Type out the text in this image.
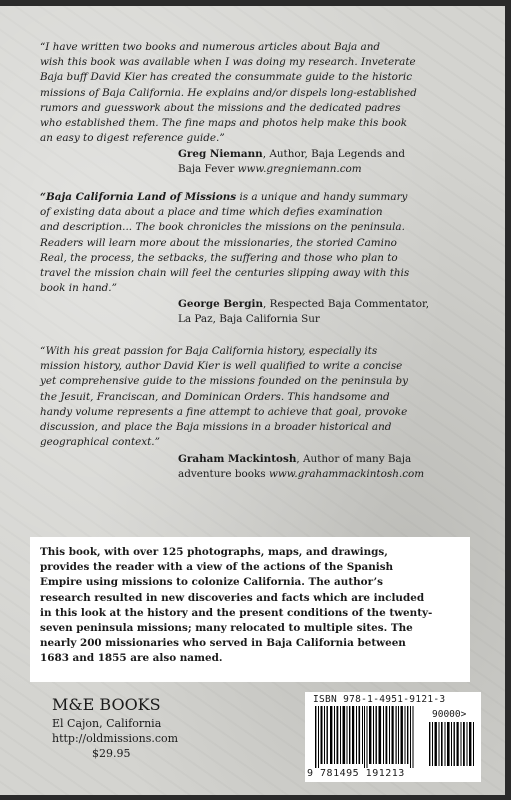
“I have written two books and numerous articles about Baja and
wish this book was available when I was doing my research. Inveterate
Baja buff David Kier has created the consummate guide to the historic
missions of Baja California. He explains and/or dispels long-established
rumors and guesswork about the missions and the dedicated padres
who established them. The fine maps and photos help make this book
an easy to digest reference guide.”
Greg Niemann, Author, Baja Legends and
Baja Fever www.gregniemann.com
“Baja California Land of Missions is a unique and handy summary
of existing data about a place and time which defies examination
and description... The book chronicles the missions on the peninsula.
Readers will learn more about the missionaries, the storied Camino
Real, the process, the setbacks, the suffering and those who plan to
travel the mission chain will feel the centuries slipping away with this
book in hand.”
George Bergin, Respected Baja Commentator,
La Paz, Baja California Sur
“With his great passion for Baja California history, especially its
mission history, author David Kier is well qualified to write a concise
yet comprehensive guide to the missions founded on the peninsula by
the Jesuit, Franciscan, and Dominican Orders. This handsome and
handy volume represents a fine attempt to achieve that goal, provoke
discussion, and place the Baja missions in a broader historical and
geographical context.”
Graham Mackintosh, Author of many Baja
adventure books www.grahammackintosh.com
This book, with over 125 photographs, maps, and drawings,
provides the reader with a view of the actions of the Spanish
Empire using missions to colonize California. The author’s
research resulted in new discoveries and facts which are included
in this look at the history and the present conditions of the twenty-
seven peninsula missions; many relocated to multiple sites. The
nearly 200 missionaries who served in Baja California between
1683 and 1855 are also named.
M&E BOOKS
El Cajon, California
http://oldmissions.com
$29.95
ISBN 978-1-4951-9121-3
90000>
9 781495 191213
